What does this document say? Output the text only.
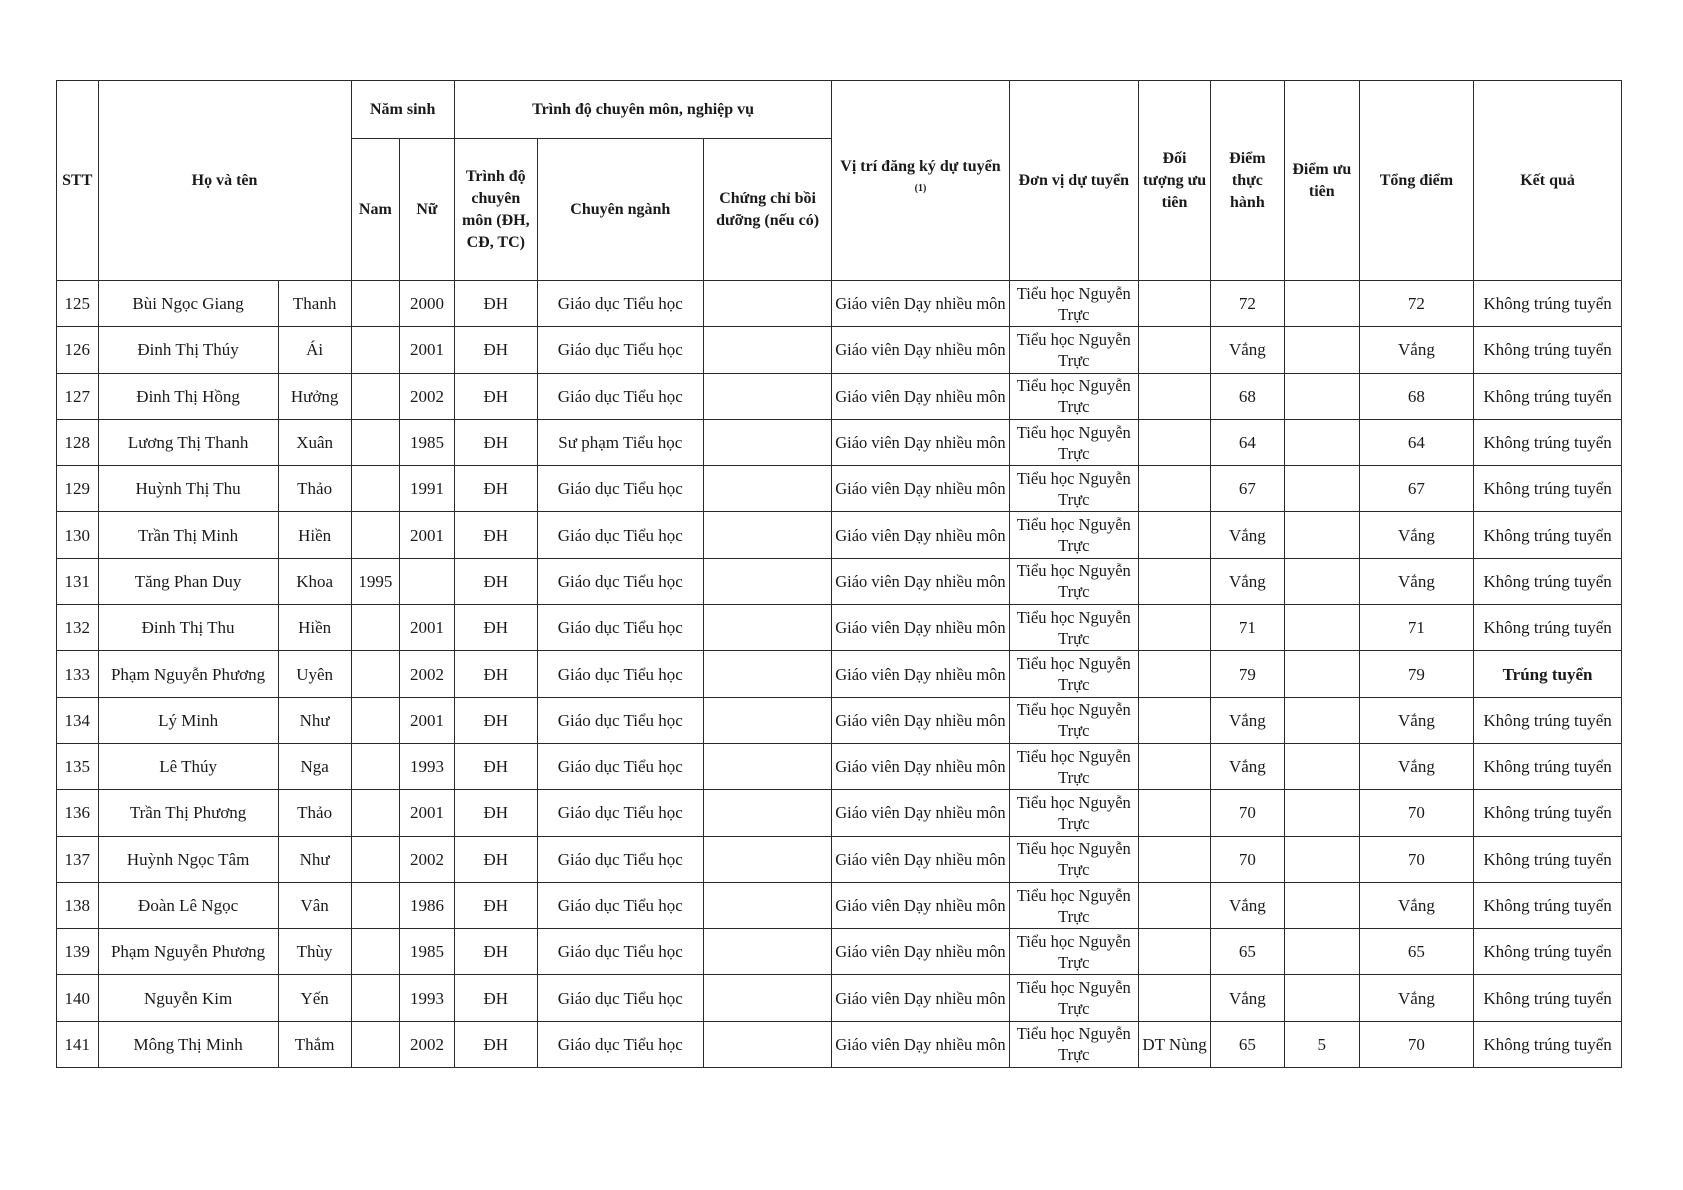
STT	Họ và tên		Năm sinh		Trình độ chuyên môn, nghiệp vụ			Vị trí đăng ký dự tuyển $^{(1)}$	Đơn vị dự tuyển	Đối tượng ưu tiên	Điểm thực hành	Điểm ưu tiên	Tổng điểm	Kết quả
			Nam	Nữ	Trình độ chuyên môn (ĐH, CĐ, TC)	Chuyên ngành	Chứng chỉ bồi dưỡng (nếu có)							
125	Bùi Ngọc Giang	Thanh		2000	ĐH	Giáo dục Tiểu học		Giáo viên Dạy nhiều môn	Tiểu học Nguyễn Trực		72		72	Không trúng tuyển
126	Đinh Thị Thúy	Ái		2001	ĐH	Giáo dục Tiểu học		Giáo viên Dạy nhiều môn	Tiểu học Nguyễn Trực		Vắng		Vắng	Không trúng tuyển
127	Đinh Thị Hồng	Hưởng		2002	ĐH	Giáo dục Tiểu học		Giáo viên Dạy nhiều môn	Tiểu học Nguyễn Trực		68		68	Không trúng tuyển
128	Lương Thị Thanh	Xuân		1985	ĐH	Sư phạm Tiểu học		Giáo viên Dạy nhiều môn	Tiểu học Nguyễn Trực		64		64	Không trúng tuyển
129	Huỳnh Thị Thu	Thảo		1991	ĐH	Giáo dục Tiểu học		Giáo viên Dạy nhiều môn	Tiểu học Nguyễn Trực		67		67	Không trúng tuyển
130	Trần Thị Minh	Hiền		2001	ĐH	Giáo dục Tiểu học		Giáo viên Dạy nhiều môn	Tiểu học Nguyễn Trực		Vắng		Vắng	Không trúng tuyển
131	Tăng Phan Duy	Khoa	1995		ĐH	Giáo dục Tiểu học		Giáo viên Dạy nhiều môn	Tiểu học Nguyễn Trực		Vắng		Vắng	Không trúng tuyển
132	Đinh Thị Thu	Hiền		2001	ĐH	Giáo dục Tiểu học		Giáo viên Dạy nhiều môn	Tiểu học Nguyễn Trực		71		71	Không trúng tuyển
133	Phạm Nguyễn Phương	Uyên		2002	ĐH	Giáo dục Tiểu học		Giáo viên Dạy nhiều môn	Tiểu học Nguyễn Trực		79		79	Trúng tuyển
134	Lý Minh	Như		2001	ĐH	Giáo dục Tiểu học		Giáo viên Dạy nhiều môn	Tiểu học Nguyễn Trực		Vắng		Vắng	Không trúng tuyển
135	Lê Thúy	Nga		1993	ĐH	Giáo dục Tiểu học		Giáo viên Dạy nhiều môn	Tiểu học Nguyễn Trực		Vắng		Vắng	Không trúng tuyển
136	Trần Thị Phương	Thảo		2001	ĐH	Giáo dục Tiểu học		Giáo viên Dạy nhiều môn	Tiểu học Nguyễn Trực		70		70	Không trúng tuyển
137	Huỳnh Ngọc Tâm	Như		2002	ĐH	Giáo dục Tiểu học		Giáo viên Dạy nhiều môn	Tiểu học Nguyễn Trực		70		70	Không trúng tuyển
138	Đoàn Lê Ngọc	Vân		1986	ĐH	Giáo dục Tiểu học		Giáo viên Dạy nhiều môn	Tiểu học Nguyễn Trực		Vắng		Vắng	Không trúng tuyển
139	Phạm Nguyễn Phương	Thùy		1985	ĐH	Giáo dục Tiểu học		Giáo viên Dạy nhiều môn	Tiểu học Nguyễn Trực		65		65	Không trúng tuyển
140	Nguyễn Kim	Yến		1993	ĐH	Giáo dục Tiểu học		Giáo viên Dạy nhiều môn	Tiểu học Nguyễn Trực		Vắng		Vắng	Không trúng tuyển
141	Mông Thị Minh	Thắm		2002	ĐH	Giáo dục Tiểu học		Giáo viên Dạy nhiều môn	Tiểu học Nguyễn Trực	DT Nùng	65	5	70	Không trúng tuyển
